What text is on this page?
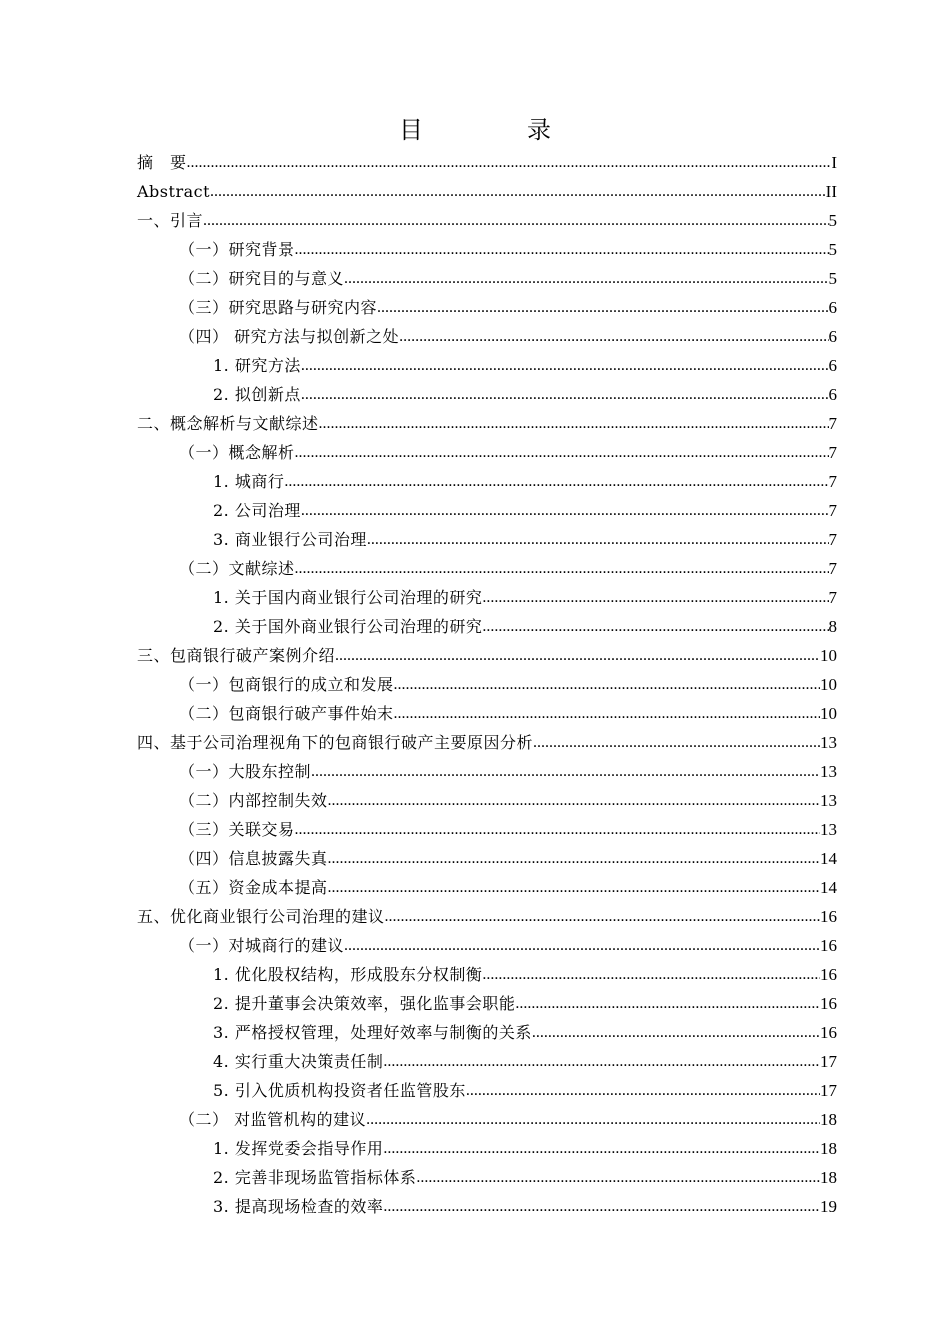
目　录
摘　要 .....	I
Abstract .....	II
一、引言 .....	5
（一）研究背景 .....	5
（二）研究目的与意义 .....	5
（三）研究思路与研究内容 .....	6
（四） 研究方法与拟创新之处 .....	6
1. 研究方法 .....	6
2. 拟创新点 .....	6
二、概念解析与文献综述 .....	7
（一）概念解析 .....	7
1. 城商行 .....	7
2. 公司治理 .....	7
3. 商业银行公司治理 .....	7
（二）文献综述 .....	7
1. 关于国内商业银行公司治理的研究 .....	7
2. 关于国外商业银行公司治理的研究 .....	8
三、包商银行破产案例介绍 .....	10
（一）包商银行的成立和发展 .....	10
（二）包商银行破产事件始末 .....	10
四、基于公司治理视角下的包商银行破产主要原因分析 .....	13
（一）大股东控制 .....	13
（二）内部控制失效 .....	13
（三）关联交易 .....	13
（四）信息披露失真 .....	14
（五）资金成本提高 .....	14
五、优化商业银行公司治理的建议 .....	16
（一）对城商行的建议 .....	16
1. 优化股权结构，形成股东分权制衡 .....	16
2. 提升董事会决策效率，强化监事会职能 .....	16
3. 严格授权管理，处理好效率与制衡的关系 .....	16
4. 实行重大决策责任制 .....	17
5. 引入优质机构投资者任监管股东 .....	17
（二） 对监管机构的建议 .....	18
1. 发挥党委会指导作用 .....	18
2. 完善非现场监管指标体系 .....	18
3. 提高现场检查的效率 .....	19
